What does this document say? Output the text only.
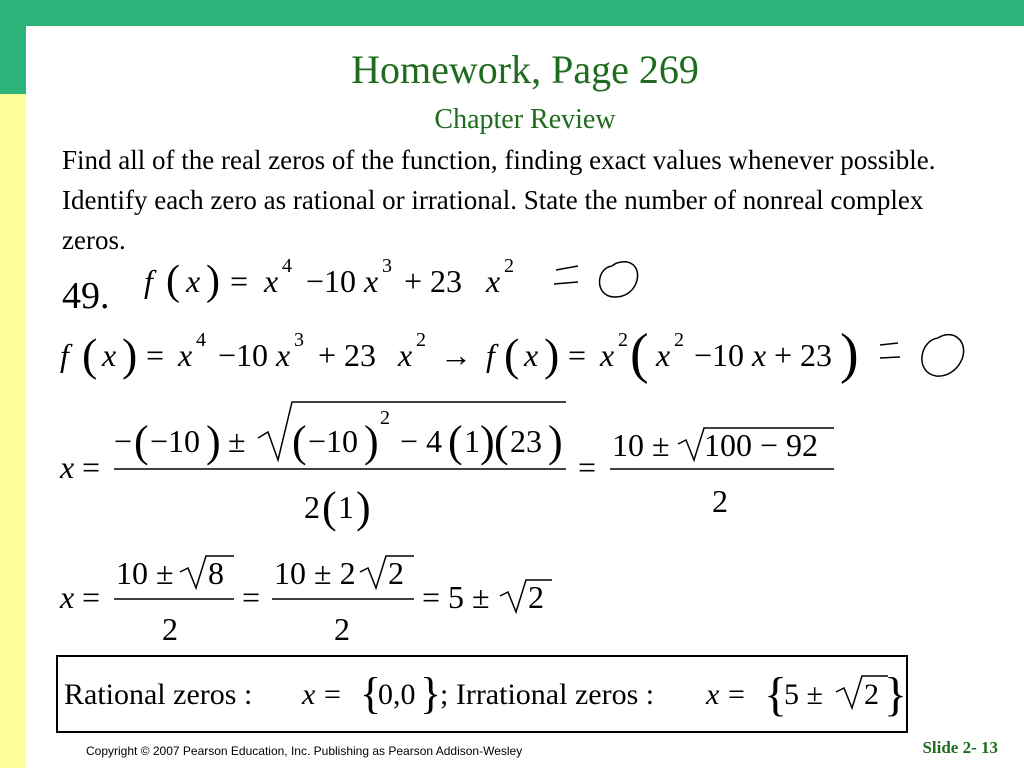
Homework, Page 269
Chapter Review
Find all of the real zeros of the function, finding exact values whenever possible. Identify each zero as rational or irrational. State the number of nonreal complex zeros.
49. f ( x ) = x 4 −10 x 3 + 23 x 2
f ( x ) = x 4 −10 x 3 + 23 x 2 → f ( x ) = x 2 ( x 2 −10 x + 23 )
x =
− ( −10 ) ± ( −10 ) 2
− 4 ( 1 ) ( 23 )
2 ( 1 )
=
10 ± 100 − 92
2
x =
10 ± 8
2
=
10 ± 2 2
2
= 5 ± 2
Rational zeros : x = {
0,0 }
; Irrational zeros : x = {
5 ± 2 }
Copyright © 2007 Pearson Education, Inc. Publishing as Pearson Addison-Wesley	Slide 2- 13
